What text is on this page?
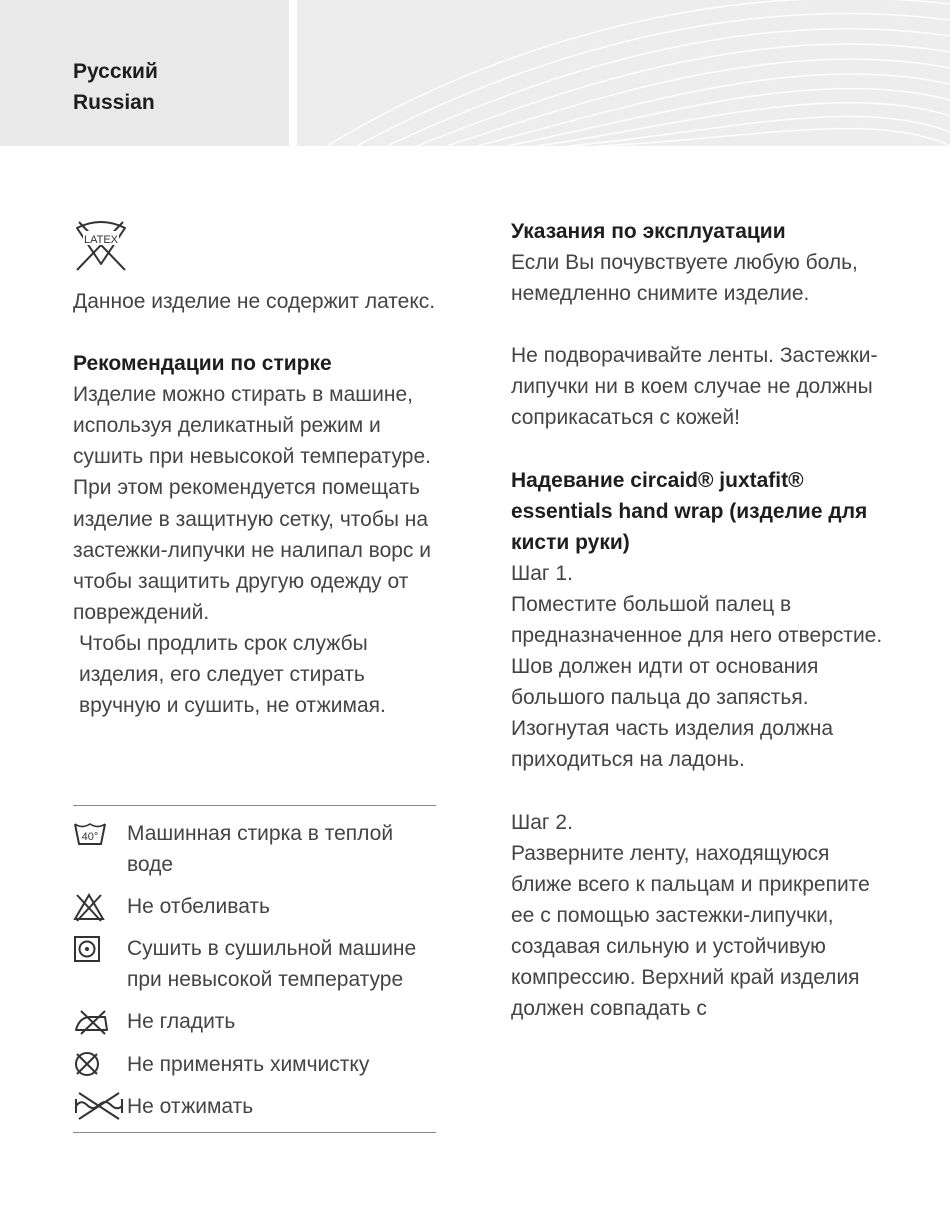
Русский
Russian
LATEX
Данное изделие не содержит латекс.
Рекомендации по стирке
Изделие можно стирать в машине, используя деликатный режим и сушить при невысокой температуре. При этом рекомендуется помещать изделие в защитную сетку, чтобы на застежки-липучки не налипал ворс и чтобы защитить другую одежду от повреждений.
Чтобы продлить срок службы изделия, его следует стирать вручную и сушить, не отжимая.
40° Машинная стирка в теплой воде
Не отбеливать
Сушить в сушильной машине при невысокой температуре
Не гладить
Не применять химчистку
Не отжимать
Указания по эксплуатации
Если Вы почувствуете любую боль, немедленно снимите изделие.
Не подворачивайте ленты. Застежки-липучки ни в коем случае не должны соприкасаться с кожей!
Надевание circaid® juxtafit® essentials hand wrap (изделие для кисти руки)
Шаг 1.
Поместите большой палец в предназначенное для него отверстие. Шов должен идти от основания большого пальца до запястья. Изогнутая часть изделия должна приходиться на ладонь.
Шаг 2.
Разверните ленту, находящуюся ближе всего к пальцам и прикрепите ее с помощью застежки-липучки, создавая сильную и устойчивую компрессию. Верхний край изделия должен совпадать с
